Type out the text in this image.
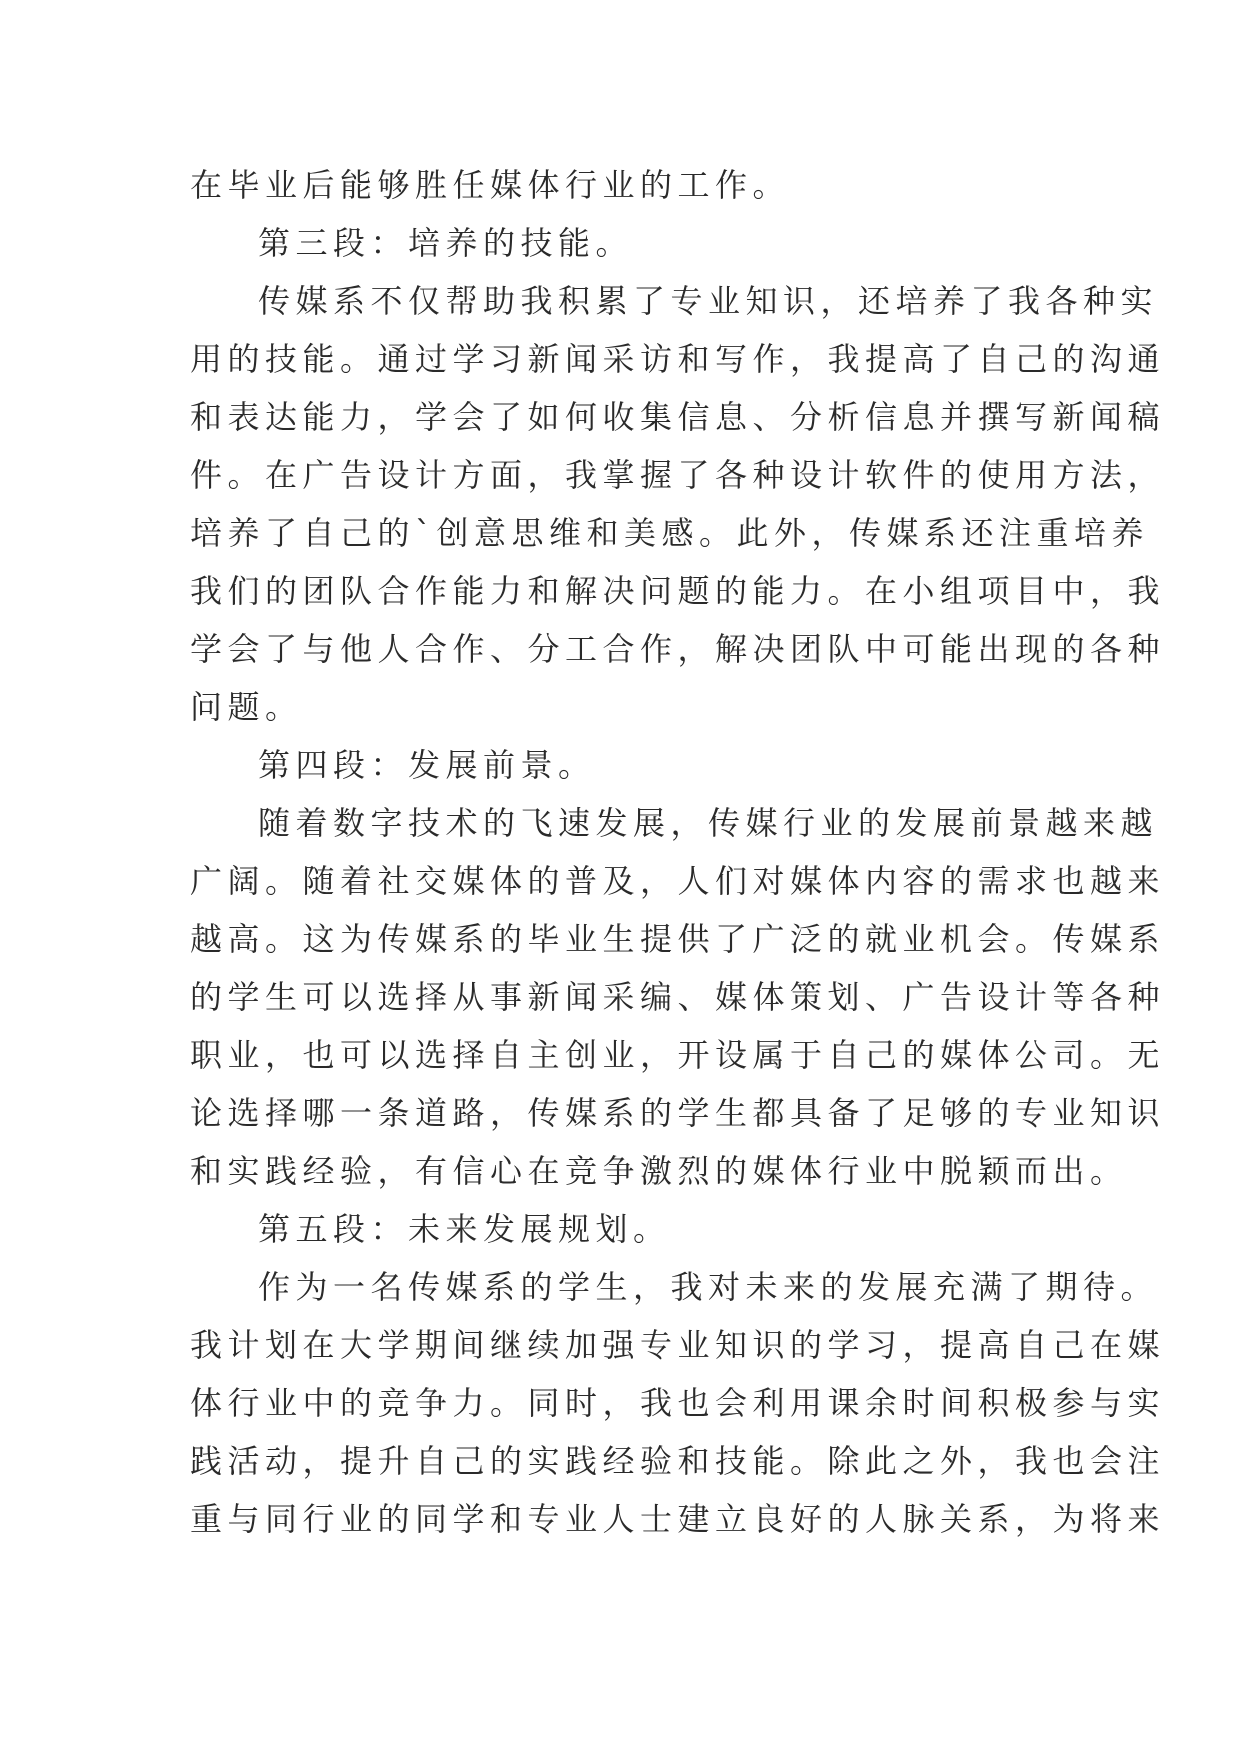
在毕业后能够胜任媒体行业的工作。
第三段：培养的技能。
传媒系不仅帮助我积累了专业知识，还培养了我各种实
用的技能。通过学习新闻采访和写作，我提高了自己的沟通
和表达能力，学会了如何收集信息、分析信息并撰写新闻稿
件。在广告设计方面，我掌握了各种设计软件的使用方法，
培养了自己的`创意思维和美感。此外，传媒系还注重培养
我们的团队合作能力和解决问题的能力。在小组项目中，我
学会了与他人合作、分工合作，解决团队中可能出现的各种
问题。
第四段：发展前景。
随着数字技术的飞速发展，传媒行业的发展前景越来越
广阔。随着社交媒体的普及，人们对媒体内容的需求也越来
越高。这为传媒系的毕业生提供了广泛的就业机会。传媒系
的学生可以选择从事新闻采编、媒体策划、广告设计等各种
职业，也可以选择自主创业，开设属于自己的媒体公司。无
论选择哪一条道路，传媒系的学生都具备了足够的专业知识
和实践经验，有信心在竞争激烈的媒体行业中脱颖而出。
第五段：未来发展规划。
作为一名传媒系的学生，我对未来的发展充满了期待。
我计划在大学期间继续加强专业知识的学习，提高自己在媒
体行业中的竞争力。同时，我也会利用课余时间积极参与实
践活动，提升自己的实践经验和技能。除此之外，我也会注
重与同行业的同学和专业人士建立良好的人脉关系，为将来
